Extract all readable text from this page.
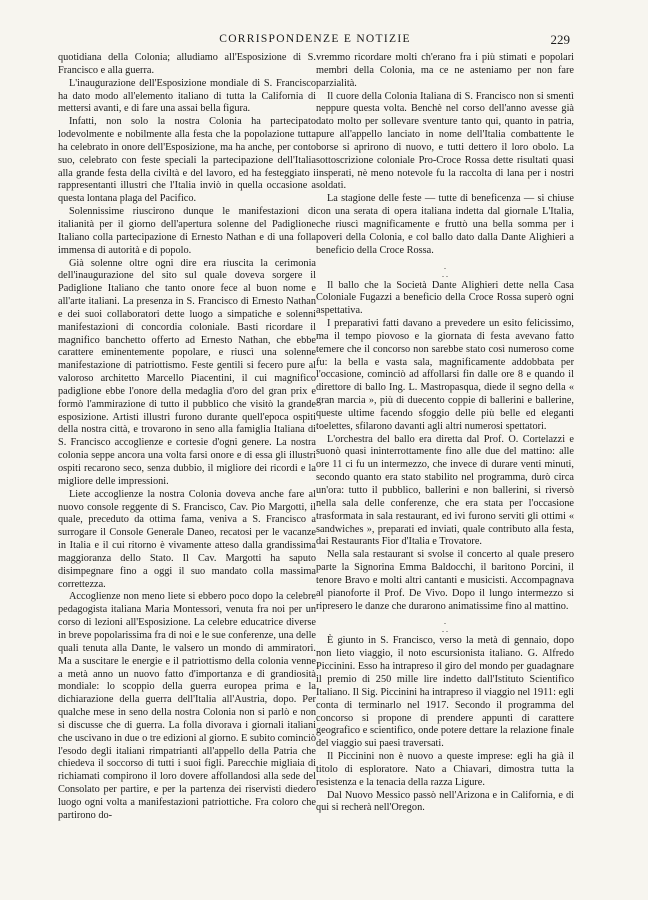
CORRISPONDENZE E NOTIZIE	229

quotidiana della Colonia; alludiamo all'Esposizione di S. Francisco e alla guerra.

L'inaugurazione dell'Esposizione mondiale di S. Francisco ha dato modo all'elemento italiano di tutta la California di mettersi avanti, e di fare una assai bella figura.

Infatti, non solo la nostra Colonia ha partecipato lodevolmente e nobilmente alla festa che la popolazione tutta ha celebrato in onore dell'Esposizione, ma ha anche, per conto suo, celebrato con feste speciali la partecipazione dell'Italia alla grande festa della civiltà e del lavoro, ed ha festeggiato i rappresentanti illustri che l'Italia inviò in quella occasione a questa lontana plaga del Pacifico.

Solennissime riuscirono dunque le manifestazioni di italianità per il giorno dell'apertura solenne del Padiglione Italiano colla partecipazione di Ernesto Nathan e di una folla immensa di autorità e di popolo.

Già solenne oltre ogni dire era riuscita la cerimonia dell'inaugurazione del sito sul quale doveva sorgere il Padiglione Italiano che tanto onore fece al buon nome e all'arte italiani. La presenza in S. Francisco di Ernesto Nathan e dei suoi collaboratori dette luogo a simpatiche e solenni manifestazioni di concordia coloniale. Basti ricordare il magnifico banchetto offerto ad Ernesto Nathan, che ebbe carattere eminentemente popolare, e riuscì una solenne manifestazione di patriottismo. Feste gentili si fecero pure al valoroso architetto Marcello Piacentini, il cui magnifico padiglione ebbe l'onore della medaglia d'oro del gran prix e formò l'ammirazione di tutto il pubblico che visitò la grande esposizione. Artisti illustri furono durante quell'epoca ospiti della nostra città, e trovarono in seno alla famiglia Italiana di S. Francisco accoglienze e cortesie d'ogni genere. La nostra colonia seppe ancora una volta farsi onore e di essa gli illustri ospiti recarono seco, senza dubbio, il migliore dei ricordi e la migliore delle impressioni.

Liete accoglienze la nostra Colonia doveva anche fare al nuovo console reggente di S. Francisco, Cav. Pio Margotti, il quale, preceduto da ottima fama, veniva a S. Francisco a surrogare il Console Generale Daneo, recatosi per le vacanze in Italia e il cui ritorno è vivamente atteso dalla grandissima maggioranza dello Stato. Il Cav. Margotti ha saputo disimpegnare fino a oggi il suo mandato colla massima correttezza.

Accoglienze non meno liete si ebbero poco dopo la celebre pedagogista italiana Maria Montessori, venuta fra noi per un corso di lezioni all'Esposizione. La celebre educatrice diverse in breve popolarissima fra di noi e le sue conferenze, una delle quali tenuta alla Dante, le valsero un mondo di ammiratori. Ma a suscitare le energie e il patriottismo della colonia venne a metà anno un nuovo fatto d'importanza e di grandiosità mondiale: lo scoppio della guerra europea prima e la dichiarazione della guerra dell'Italia all'Austria, dopo. Per qualche mese in seno della nostra Colonia non si parlò e non si discusse che di guerra. La folla divorava i giornali italiani che uscivano in due o tre edizioni al giorno. E subito cominciò l'esodo degli italiani rimpatrianti all'appello della Patria che chiedeva il soccorso di tutti i suoi figli. Parecchie migliaia di richiamati compirono il loro dovere affollandosi alla sede del Consolato per partire, e per la partenza dei riservisti diedero luogo ogni volta a manifestazioni patriottiche. Fra coloro che partirono do-

vremmo ricordare molti ch'erano fra i più stimati e popolari membri della Colonia, ma ce ne asteniamo per non fare parzialità.

Il cuore della Colonia Italiana di S. Francisco non si smentì neppure questa volta. Benchè nel corso dell'anno avesse già dato molto per sollevare sventure tanto qui, quanto in patria, pure all'appello lanciato in nome dell'Italia combattente le borse si aprirono di nuovo, e tutti dettero il loro obolo. La sottoscrizione coloniale Pro-Croce Rossa dette risultati quasi insperati, nè meno notevole fu la raccolta di lana per i nostri soldati.

La stagione delle feste — tutte di beneficenza — si chiuse con una serata di opera italiana indetta dal giornale L'Italia, che riuscì magnificamente e fruttò una bella somma per i poveri della Colonia, e col ballo dato dalla Dante Alighieri a beneficio della Croce Rossa.

.
. .

Il ballo che la Società Dante Alighieri dette nella Casa Coloniale Fugazzi a beneficio della Croce Rossa superò ogni aspettativa.

I preparativi fatti davano a prevedere un esito felicissimo, ma il tempo piovoso e la giornata di festa avevano fatto temere che il concorso non sarebbe stato così numeroso come fu: la bella e vasta sala, magnificamente addobbata per l'occasione, cominciò ad affollarsi fin dalle ore 8 e quando il direttore di ballo Ing. L. Mastropasqua, diede il segno della « gran marcia », più di duecento coppie di ballerini e ballerine, queste ultime facendo sfoggio delle più belle ed eleganti toelettes, sfilarono davanti agli altri numerosi spettatori.

L'orchestra del ballo era diretta dal Prof. O. Cortelazzi e suonò quasi ininterrottamente fino alle due del mattino: alle ore 11 ci fu un intermezzo, che invece di durare venti minuti, secondo quanto era stato stabilito nel programma, durò circa un'ora: tutto il pubblico, ballerini e non ballerini, si riversò nella sala delle conferenze, che era stata per l'occasione trasformata in sala restaurant, ed ivi furono serviti gli ottimi « sandwiches », preparati ed inviati, quale contributo alla festa, dai Restaurants Fior d'Italia e Trovatore.

Nella sala restaurant si svolse il concerto al quale presero parte la Signorina Emma Baldocchi, il baritono Porcini, il tenore Bravo e molti altri cantanti e musicisti. Accompagnava al pianoforte il Prof. De Vivo. Dopo il lungo intermezzo si ripresero le danze che durarono animatissime fino al mattino.

.
. .

È giunto in S. Francisco, verso la metà di gennaio, dopo non lieto viaggio, il noto escursionista italiano. G. Alfredo Piccinini. Esso ha intrapreso il giro del mondo per guadagnare il premio di 250 mille lire indetto dall'Istituto Scientifico Italiano. Il Sig. Piccinini ha intrapreso il viaggio nel 1911: egli conta di terminarlo nel 1917. Secondo il programma del concorso si propone di prendere appunti di carattere geografico e scientifico, onde potere dettare la relazione finale del viaggio sui paesi traversati.

Il Piccinini non è nuovo a queste imprese: egli ha già il titolo di esploratore. Nato a Chiavari, dimostra tutta la resistenza e la tenacia della razza Ligure.

Dal Nuovo Messico passò nell'Arizona e in California, e di qui si recherà nell'Oregon.
